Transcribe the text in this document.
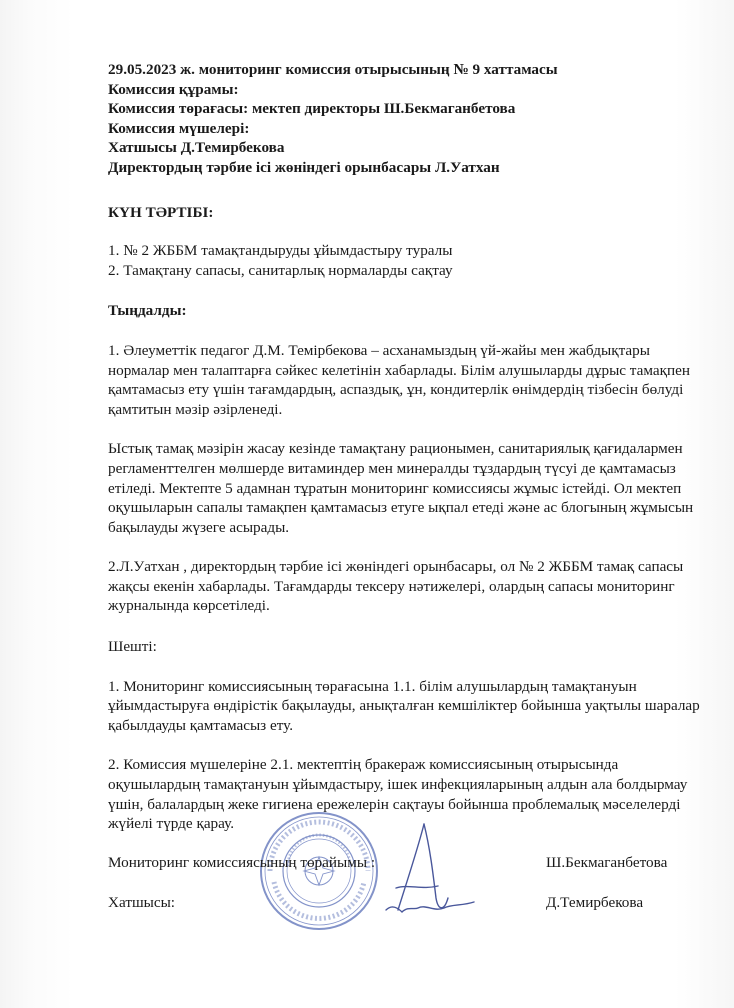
29.05.2023 ж. мониторинг комиссия отырысының № 9 хаттамасы
Комиссия құрамы:
Комиссия төрағасы: мектеп директоры Ш.Бекмаганбетова
Комиссия мүшелері:
Хатшысы Д.Темирбекова
Директордың тәрбие ісі жөніндегі орынбасары Л.Уатхан
КҮН ТӘРТІБІ:
1. № 2 ЖББМ тамақтандыруды ұйымдастыру туралы
2. Тамақтану сапасы, санитарлық нормаларды сақтау
Тыңдалды:

1. Әлеуметтік педагог Д.М. Темірбекова – асханамыздың үй-жайы мен жабдықтары нормалар мен талаптарға сәйкес келетінін хабарлады. Білім алушыларды дұрыс тамақпен қамтамасыз ету үшін тағамдардың, аспаздық, ұн, кондитерлік өнімдердің тізбесін бөлуді қамтитын мәзір әзірленеді.

Ыстық тамақ мәзірін жасау кезінде тамақтану рационымен, санитариялық қағидалармен регламенттелген мөлшерде витаминдер мен минералды тұздардың түсуі де қамтамасыз етіледі. Мектепте 5 адамнан тұратын мониторинг комиссиясы жұмыс істейді. Ол мектеп оқушыларын сапалы тамақпен қамтамасыз етуге ықпал етеді және ас блогының жұмысын бақылауды жүзеге асырады.

2.Л.Уатхан , директордың тәрбие ісі жөніндегі орынбасары, ол № 2 ЖББМ тамақ сапасы жақсы екенін хабарлады. Тағамдарды тексеру нәтижелері, олардың сапасы мониторинг журналында көрсетіледі.

Шешті:

1. Мониторинг комиссиясының төрағасына 1.1. білім алушылардың тамақтануын ұйымдастыруға өндірістік бақылауды, анықталған кемшіліктер бойынша уақтылы шаралар қабылдауды қамтамасыз ету.

2. Комиссия мүшелеріне 2.1. мектептің бракераж комиссиясының отырысында оқушылардың тамақтануын ұйымдастыру, ішек инфекцияларының алдын ала болдырмау үшін, балалардың жеке гигиена ережелерін сақтауы бойынша проблемалық мәселелерді жүйелі түрде қарау.

Мониторинг комиссиясының төрайымы :	Ш.Бекмаганбетова
Хатшысы:	Д.Темирбекова
